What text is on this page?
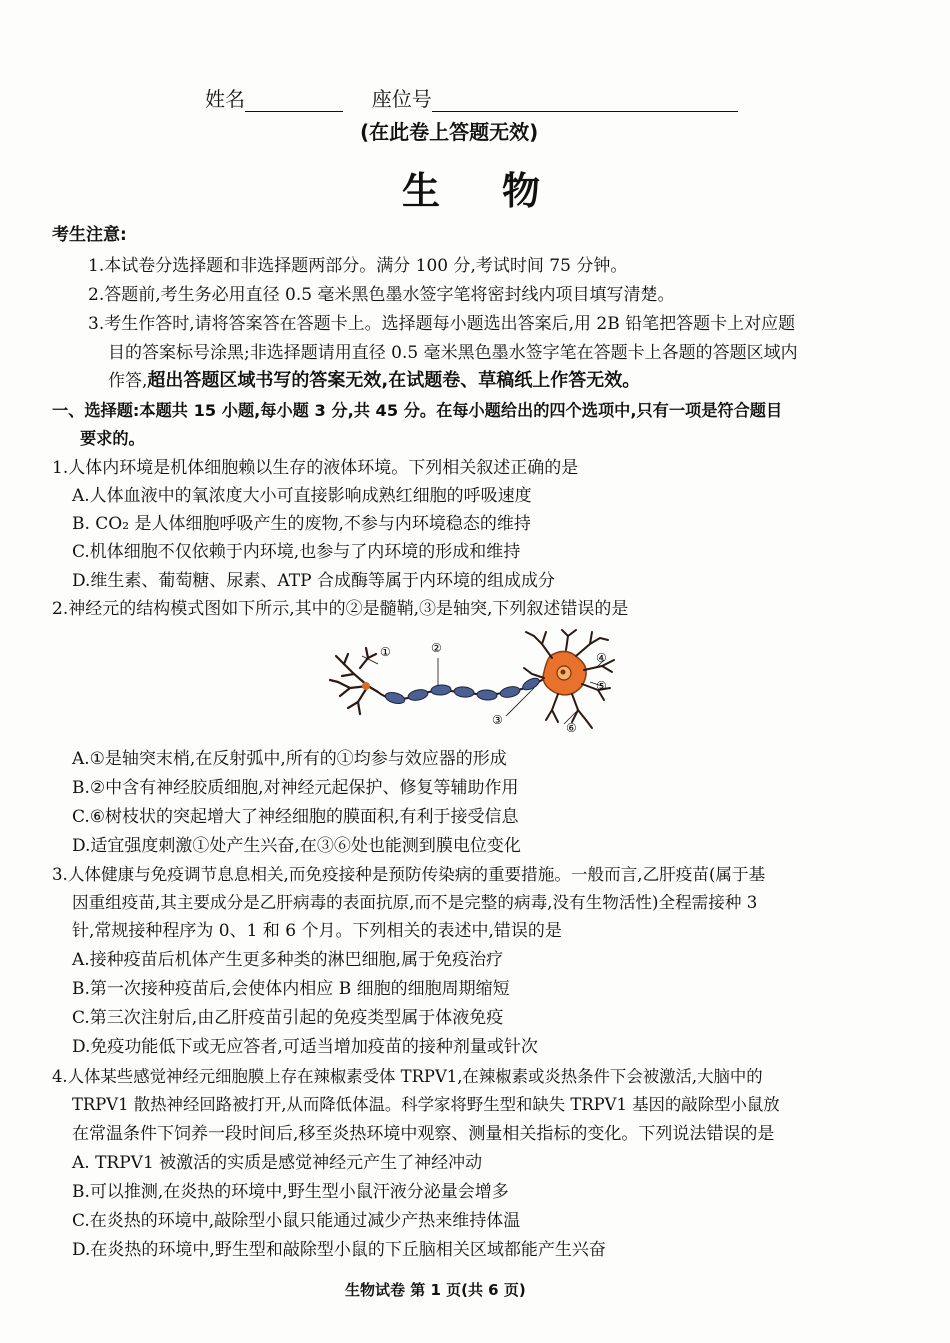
姓名	座位号
(在此卷上答题无效)
生物
考生注意:
1.本试卷分选择题和非选择题两部分。满分 100 分,考试时间 75 分钟。
2.答题前,考生务必用直径 0.5 毫米黑色墨水签字笔将密封线内项目填写清楚。
3.考生作答时,请将答案答在答题卡上。选择题每小题选出答案后,用 2B 铅笔把答题卡上对应题
目的答案标号涂黑;非选择题请用直径 0.5 毫米黑色墨水签字笔在答题卡上各题的答题区域内
作答,超出答题区域书写的答案无效,在试题卷、草稿纸上作答无效。
一、选择题:本题共 15 小题,每小题 3 分,共 45 分。在每小题给出的四个选项中,只有一项是符合题目
要求的。
1.人体内环境是机体细胞赖以生存的液体环境。下列相关叙述正确的是
A.人体血液中的氧浓度大小可直接影响成熟红细胞的呼吸速度
B. CO₂ 是人体细胞呼吸产生的废物,不参与内环境稳态的维持
C.机体细胞不仅依赖于内环境,也参与了内环境的形成和维持
D.维生素、葡萄糖、尿素、ATP 合成酶等属于内环境的组成成分
2.神经元的结构模式图如下所示,其中的②是髓鞘,③是轴突,下列叙述错误的是
①	②
③
④
⑤
⑥
A.①是轴突末梢,在反射弧中,所有的①均参与效应器的形成
B.②中含有神经胶质细胞,对神经元起保护、修复等辅助作用
C.⑥树枝状的突起增大了神经细胞的膜面积,有利于接受信息
D.适宜强度刺激①处产生兴奋,在③⑥处也能测到膜电位变化
3.人体健康与免疫调节息息相关,而免疫接种是预防传染病的重要措施。一般而言,乙肝疫苗(属于基
因重组疫苗,其主要成分是乙肝病毒的表面抗原,而不是完整的病毒,没有生物活性)全程需接种 3
针,常规接种程序为 0、1 和 6 个月。下列相关的表述中,错误的是
A.接种疫苗后机体产生更多种类的淋巴细胞,属于免疫治疗
B.第一次接种疫苗后,会使体内相应 B 细胞的细胞周期缩短
C.第三次注射后,由乙肝疫苗引起的免疫类型属于体液免疫
D.免疫功能低下或无应答者,可适当增加疫苗的接种剂量或针次
4.人体某些感觉神经元细胞膜上存在辣椒素受体 TRPV1,在辣椒素或炎热条件下会被激活,大脑中的
TRPV1 散热神经回路被打开,从而降低体温。科学家将野生型和缺失 TRPV1 基因的敲除型小鼠放
在常温条件下饲养一段时间后,移至炎热环境中观察、测量相关指标的变化。下列说法错误的是
A. TRPV1 被激活的实质是感觉神经元产生了神经冲动
B.可以推测,在炎热的环境中,野生型小鼠汗液分泌量会增多
C.在炎热的环境中,敲除型小鼠只能通过减少产热来维持体温
D.在炎热的环境中,野生型和敲除型小鼠的下丘脑相关区域都能产生兴奋
生物试卷 第 1 页(共 6 页)
